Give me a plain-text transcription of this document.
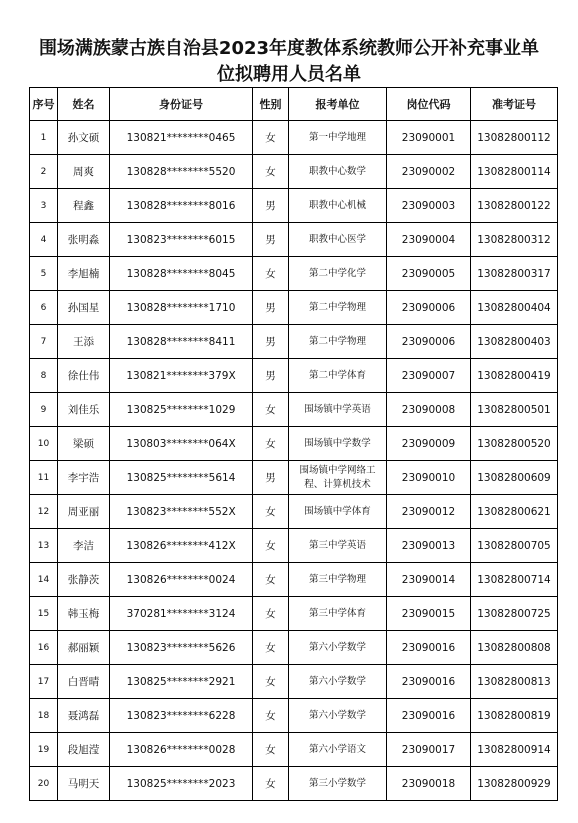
围场满族蒙古族自治县2023年度教体系统教师公开补充事业单
位拟聘用人员名单
序号	姓名	身份证号	性别	报考单位	岗位代码	准考证号
1	孙文硕	130821********0465	女	第一中学地理	23090001	13082800112
2	周爽	130828********5520	女	职教中心数学	23090002	13082800114
3	程鑫	130828********8016	男	职教中心机械	23090003	13082800122
4	张明淼	130823********6015	男	职教中心医学	23090004	13082800312
5	李旭楠	130828********8045	女	第二中学化学	23090005	13082800317
6	孙国星	130828********1710	男	第二中学物理	23090006	13082800404
7	王添	130828********8411	男	第二中学物理	23090006	13082800403
8	徐仕伟	130821********379X	男	第二中学体育	23090007	13082800419
9	刘佳乐	130825********1029	女	围场镇中学英语	23090008	13082800501
10	梁硕	130803********064X	女	围场镇中学数学	23090009	13082800520
11	李宇浩	130825********5614	男	围场镇中学网络工程、计算机技术	23090010	13082800609
12	周亚丽	130823********552X	女	围场镇中学体育	23090012	13082800621
13	李洁	130826********412X	女	第三中学英语	23090013	13082800705
14	张静茨	130826********0024	女	第三中学物理	23090014	13082800714
15	韩玉梅	370281********3124	女	第三中学体育	23090015	13082800725
16	郝丽颖	130823********5626	女	第六小学数学	23090016	13082800808
17	白晋晴	130825********2921	女	第六小学数学	23090016	13082800813
18	聂鸿磊	130823********6228	女	第六小学数学	23090016	13082800819
19	段旭滢	130826********0028	女	第六小学语文	23090017	13082800914
20	马明天	130825********2023	女	第三小学数学	23090018	13082800929
